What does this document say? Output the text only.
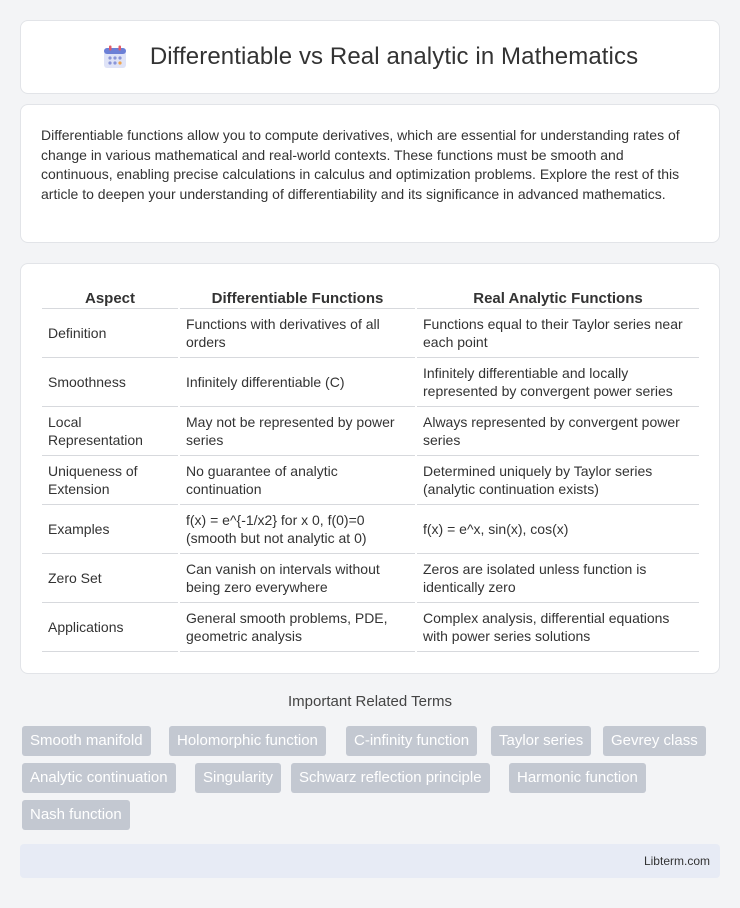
Differentiable vs Real analytic in Mathematics

Differentiable functions allow you to compute derivatives, which are essential for understanding rates of change in various mathematical and real-world contexts. These functions must be smooth and continuous, enabling precise calculations in calculus and optimization problems. Explore the rest of this article to deepen your understanding of differentiability and its significance in advanced mathematics.

Aspect	Differentiable Functions	Real Analytic Functions
Definition	Functions with derivatives of all orders	Functions equal to their Taylor series near each point
Smoothness	Infinitely differentiable (C)	Infinitely differentiable and locally represented by convergent power series
Local Representation	May not be represented by power series	Always represented by convergent power series
Uniqueness of Extension	No guarantee of analytic continuation	Determined uniquely by Taylor series (analytic continuation exists)
Examples	f(x) = e^{-1/x2} for x 0, f(0)=0 (smooth but not analytic at 0)	f(x) = e^x, sin(x), cos(x)
Zero Set	Can vanish on intervals without being zero everywhere	Zeros are isolated unless function is identically zero
Applications	General smooth problems, PDE, geometric analysis	Complex analysis, differential equations with power series solutions
Important Related Terms
Smooth manifold	Holomorphic function	C-infinity function	Taylor series	Gevrey class
Analytic continuation	Singularity	Schwarz reflection principle	Harmonic function
Nash function
Libterm.com
